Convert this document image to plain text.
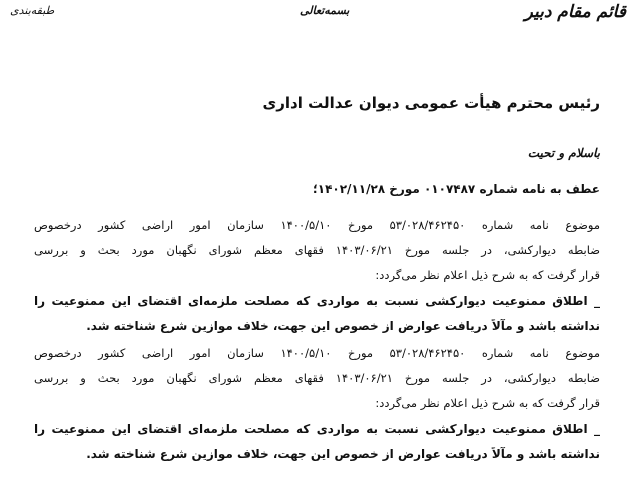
قائم مقام دبیر
بسمه‌تعالی
طبقه‌بندی
رئیس محترم هیأت عمومی دیوان عدالت اداری
باسلام و تحیت
عطف به نامه شماره ۰۱۰۷۴۸۷ مورخ ۱۴۰۲/۱۱/۲۸؛
موضوع نامه شماره ۵۳/۰۲۸/۴۶۲۴۵۰ مورخ ۱۴۰۰/۵/۱۰ سازمان امور اراضی کشور درخصوص
ضابطه دیوارکشی، در جلسه مورخ ۱۴۰۳/۰۶/۲۱ فقهای معظم شورای نگهبان مورد بحث و بررسی
قرار گرفت که به شرح ذیل اعلام نظر می‌گردد:
_ اطلاق ممنوعیت دیوارکشی نسبت به مواردی که مصلحت ملزمه‌ای اقتضای این ممنوعیت را
نداشته باشد و مآلاً دریافت عوارض از خصوص این جهت، خلاف موازین شرع شناخته شد.
موضوع نامه شماره ۵۳/۰۲۸/۴۶۲۴۵۰ مورخ ۱۴۰۰/۵/۱۰ سازمان امور اراضی کشور درخصوص
ضابطه دیوارکشی، در جلسه مورخ ۱۴۰۳/۰۶/۲۱ فقهای معظم شورای نگهبان مورد بحث و بررسی
قرار گرفت که به شرح ذیل اعلام نظر می‌گردد:
_ اطلاق ممنوعیت دیوارکشی نسبت به مواردی که مصلحت ملزمه‌ای اقتضای این ممنوعیت را
نداشته باشد و مآلاً دریافت عوارض از خصوص این جهت، خلاف موازین شرع شناخته شد.
